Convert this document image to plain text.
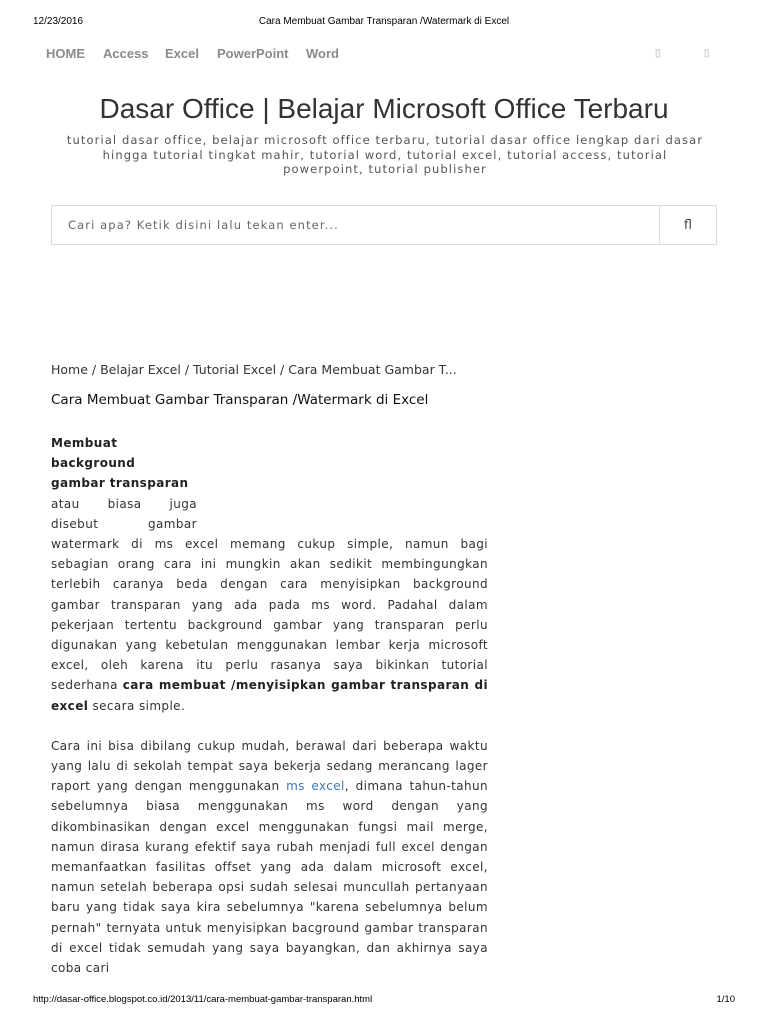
12/23/2016	Cara Membuat Gambar Transparan /Watermark di Excel
HOME Access Excel PowerPoint Word	▯	▯
Dasar Office | Belajar Microsoft Office Terbaru
tutorial dasar office, belajar microsoft office terbaru, tutorial dasar office lengkap dari dasar hingga tutorial tingkat mahir, tutorial word, tutorial excel, tutorial access, tutorial powerpoint, tutorial publisher
Cari apa? Ketik disini lalu tekan enter...
fl
Home / Belajar Excel / Tutorial Excel / Cara Membuat Gambar T...
Cara Membuat Gambar Transparan /Watermark di Excel

Membuat
background
gambar transparan
atau biasa juga
disebut gambar
watermark di ms excel memang cukup simple, namun bagi sebagian orang cara ini mungkin akan sedikit membingungkan terlebih caranya beda dengan cara menyisipkan background gambar transparan yang ada pada ms word. Padahal dalam pekerjaan tertentu background gambar yang transparan perlu digunakan yang kebetulan menggunakan lembar kerja microsoft excel, oleh karena itu perlu rasanya saya bikinkan tutorial sederhana cara membuat /menyisipkan gambar transparan di excel secara simple.

Cara ini bisa dibilang cukup mudah, berawal dari beberapa waktu yang lalu di sekolah tempat saya bekerja sedang merancang lager raport yang dengan menggunakan ms excel, dimana tahun-tahun sebelumnya biasa menggunakan ms word dengan yang dikombinasikan dengan excel menggunakan fungsi mail merge, namun dirasa kurang efektif saya rubah menjadi full excel dengan memanfaatkan fasilitas offset yang ada dalam microsoft excel, namun setelah beberapa opsi sudah selesai muncullah pertanyaan baru yang tidak saya kira sebelumnya "karena sebelumnya belum pernah" ternyata untuk menyisipkan bacground gambar transparan di excel tidak semudah yang saya bayangkan, dan akhirnya saya coba cari

http://dasar-office.blogspot.co.id/2013/11/cara-membuat-gambar-transparan.html	1/10
